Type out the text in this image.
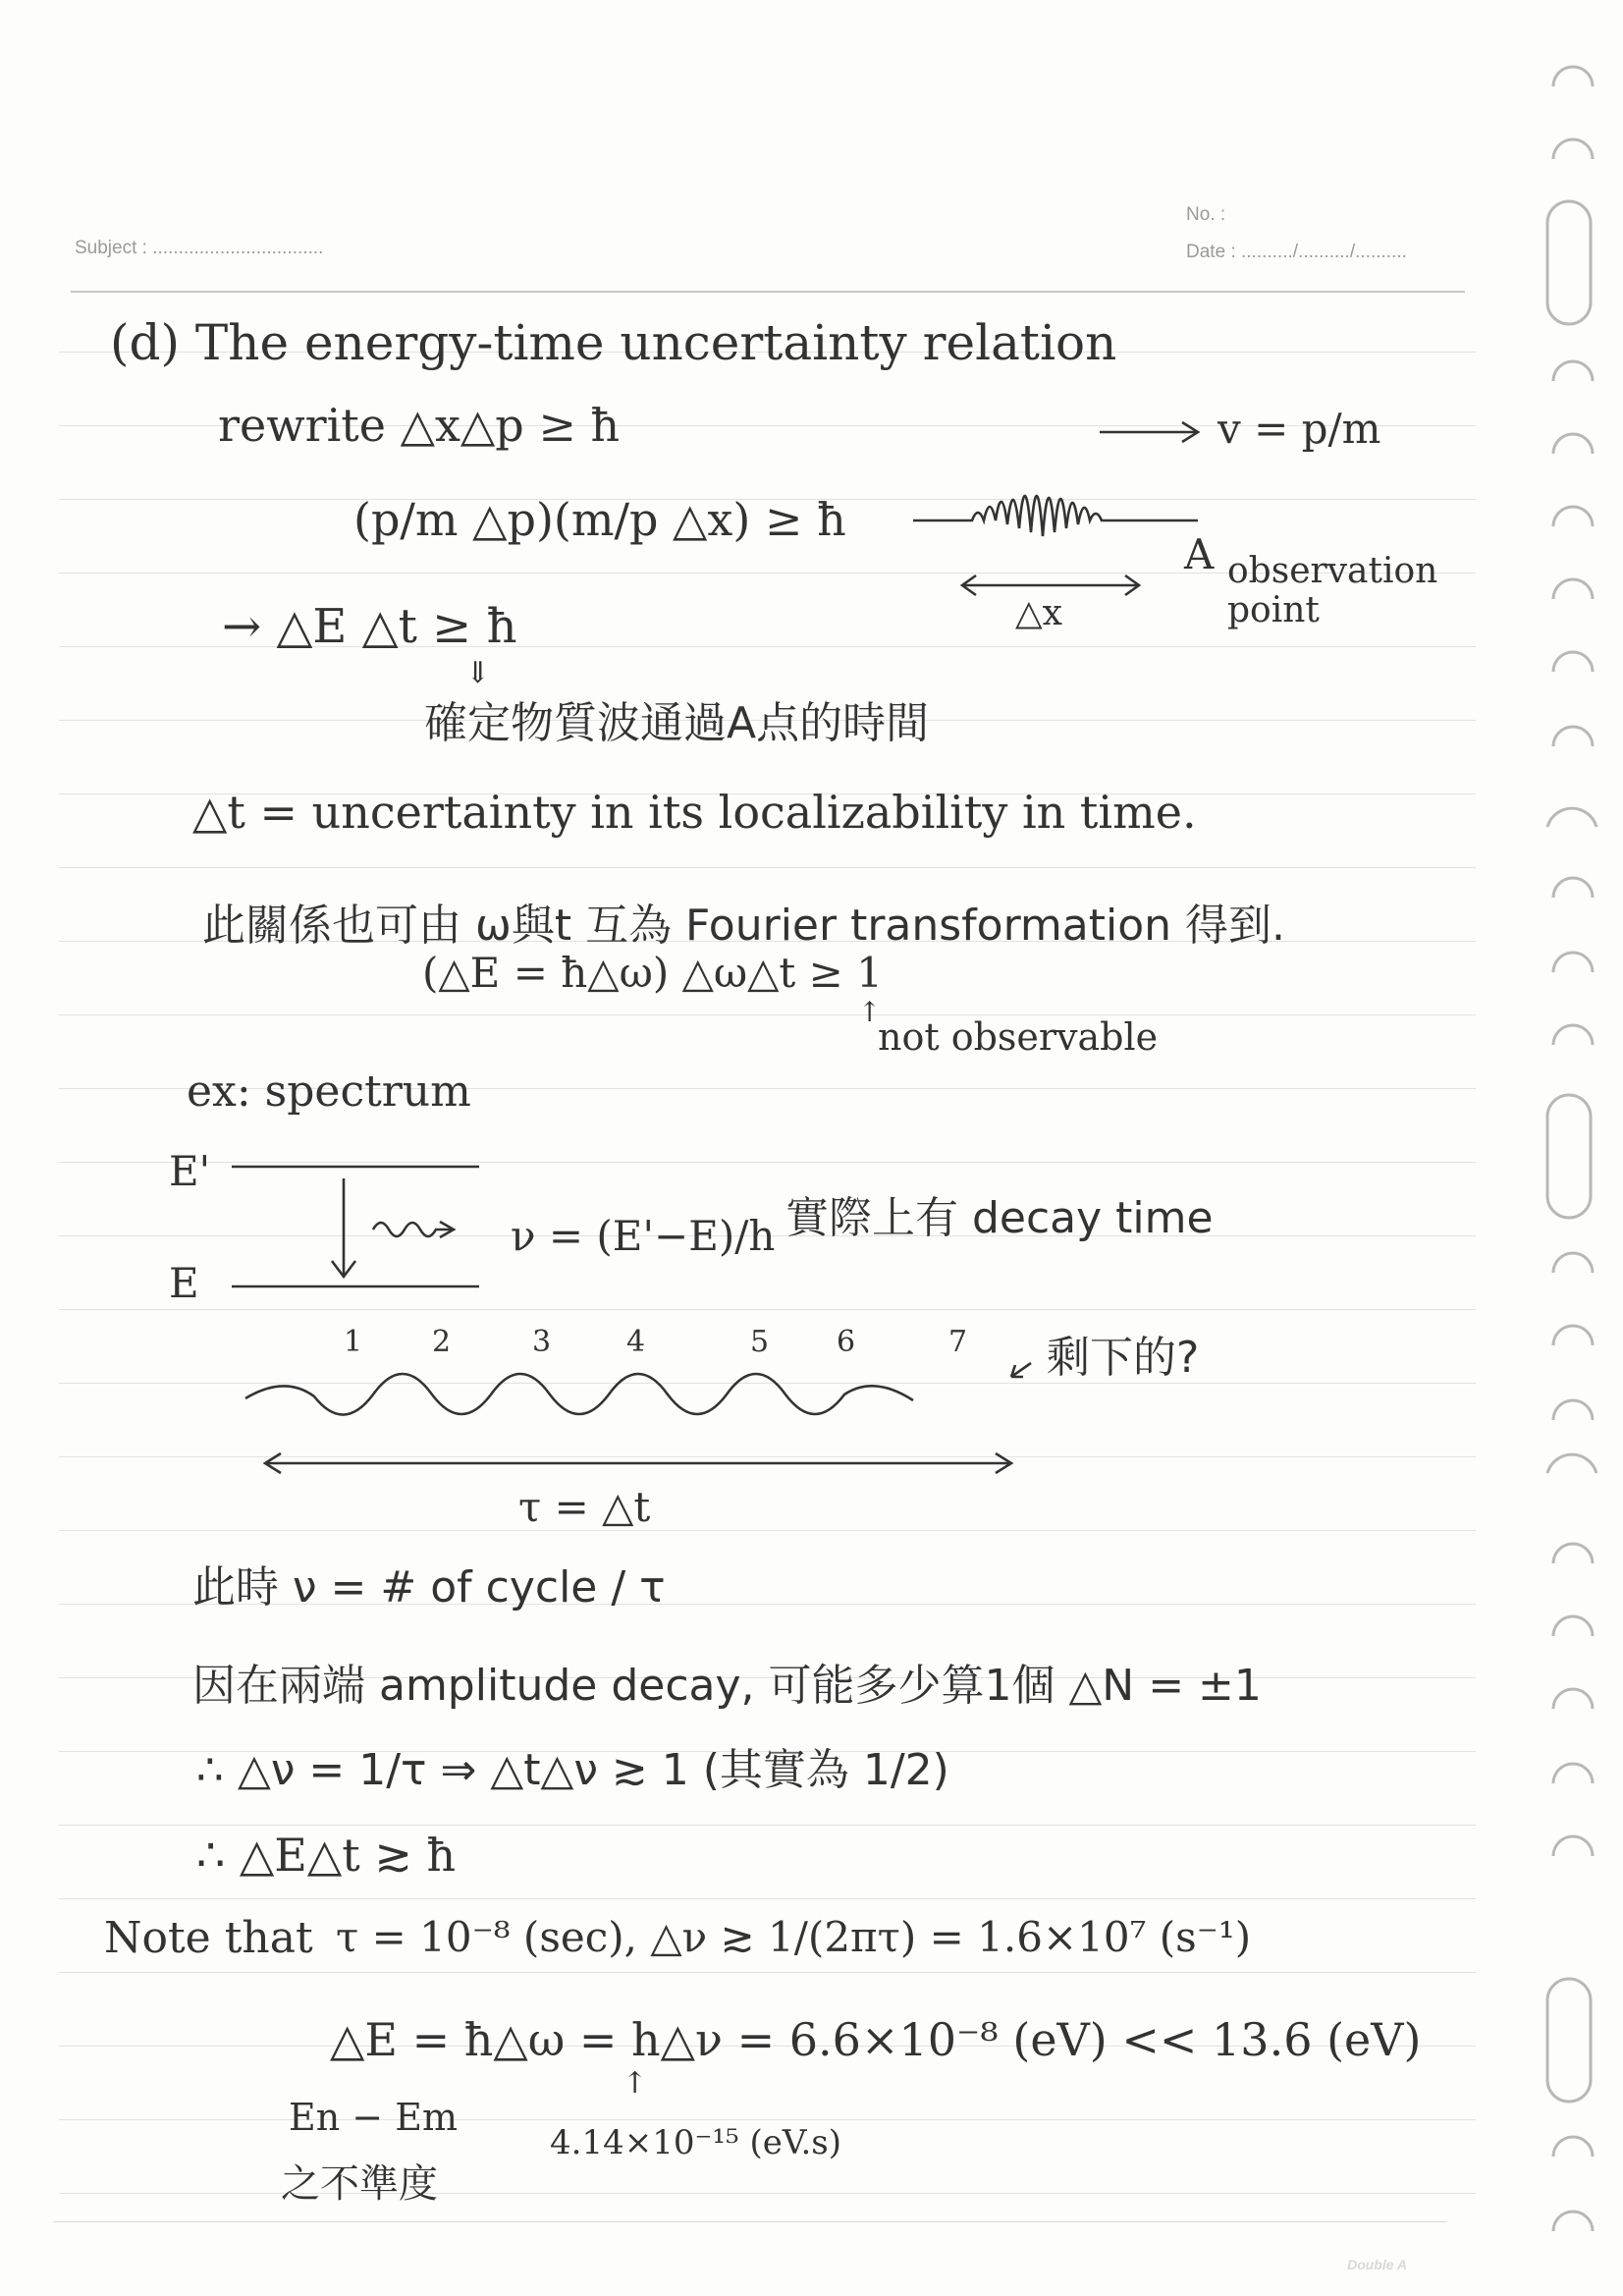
Subject : .................................
No. :
Date : ........../........../..........
(d) The energy-time uncertainty relation
rewrite △x△p ≥ ħ
(p/m △p)(m/p △x) ≥ ħ
→ △E △t ≥ ħ
⇓
確定物質波通過A点的時間
v = p/m
△x
A observation point
△t = uncertainty in its localizability in time.
此關係也可由 ω與t 互為 Fourier transformation 得到.
(△E = ħ△ω) △ω△t ≥ 1
↑
not observable
ex: spectrum
E'
E
ν = (E'−E)/h 實際上有 decay time
1 2	3	4	5 6	7 剩下的?
τ = △t
此時 ν = # of cycle / τ
因在兩端 amplitude decay, 可能多少算1個 △N = ±1
∴ △ν = 1/τ ⇒ △t△ν ≳ 1 (其實為 1/2)
∴ △E△t ≳ ħ
Note that τ = 10⁻⁸ (sec), △ν ≳ 1/(2πτ) = 1.6×10⁷ (s⁻¹)
△E = ħ△ω = h△ν = 6.6×10⁻⁸ (eV) << 13.6 (eV)
↑
En − Em
4.14×10⁻¹⁵ (eV.s)
之不準度
Double A
